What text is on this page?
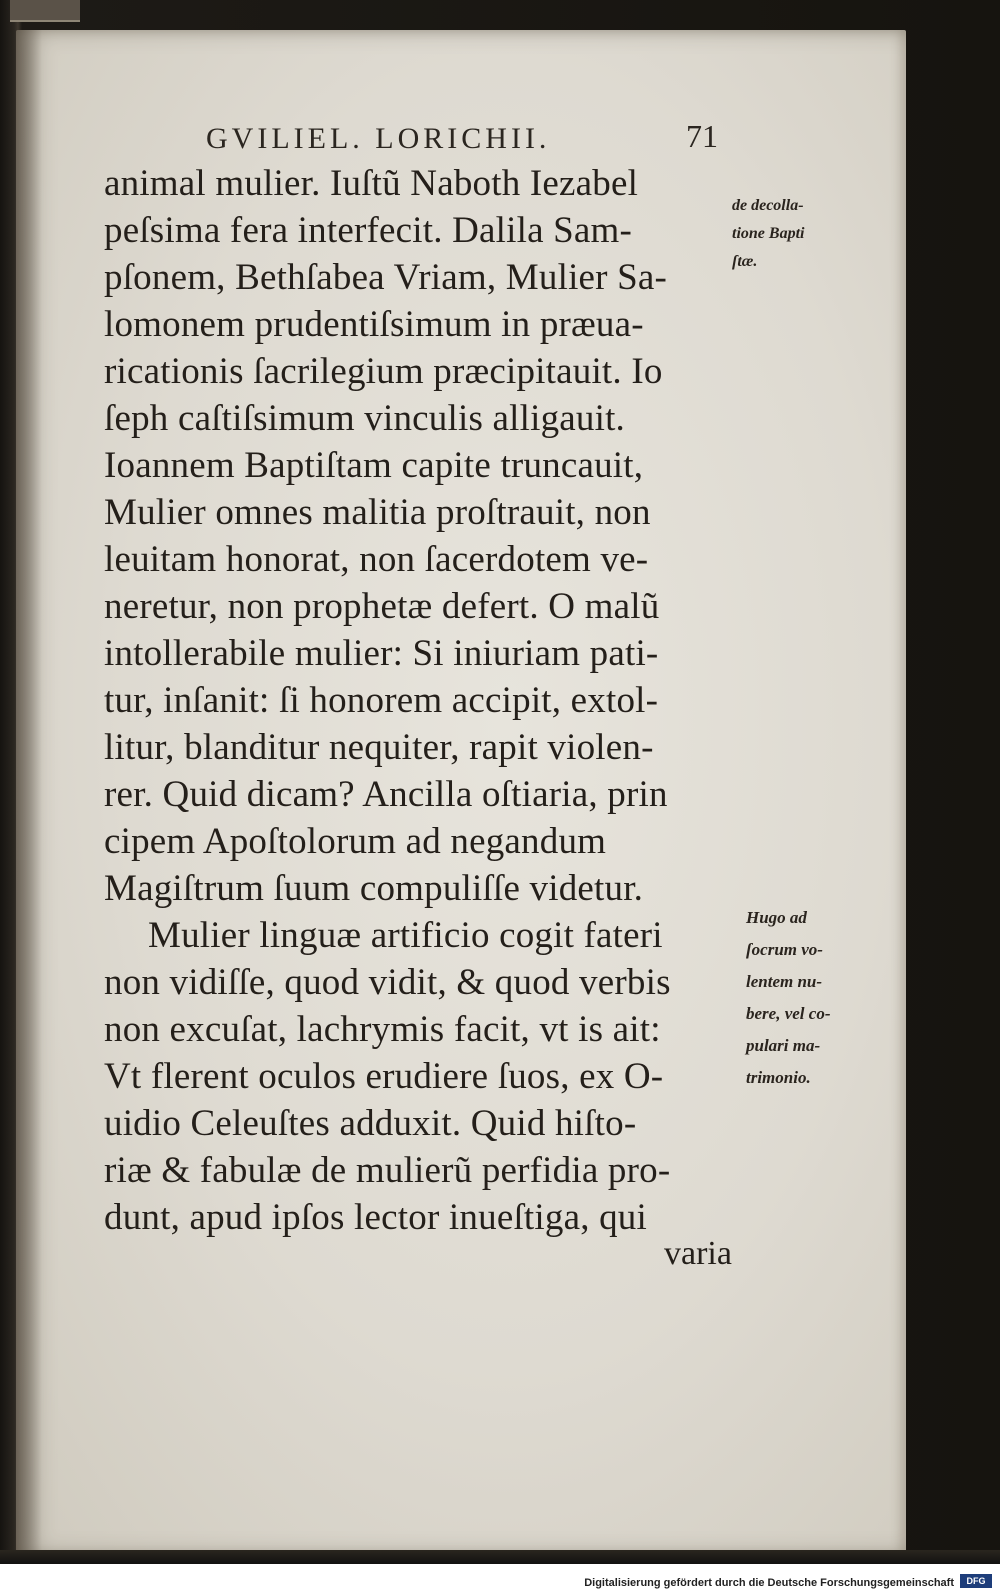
GVILIEL. LORICHII.	71
animal mulier. Iuſtũ Naboth Iezabel
peſsima fera interfecit. Dalila Sam-
pſonem, Bethſabea Vriam, Mulier Sa-
lomonem prudentiſsimum in præua-
ricationis ſacrilegium præcipitauit. Io
ſeph caſtiſsimum vinculis alligauit.
Ioannem Baptiſtam capite truncauit,
Mulier omnes malitia proſtrauit, non
leuitam honorat, non ſacerdotem ve-
neretur, non prophetæ defert. O malũ
intollerabile mulier: Si iniuriam pati-
tur, inſanit: ſi honorem accipit, extol-
litur, blanditur nequiter, rapit violen-
rer. Quid dicam? Ancilla oſtiaria, prin
cipem Apoſtolorum ad negandum
Magiſtrum ſuum compuliſſe videtur.
Mulier linguæ artificio cogit fateri
non vidiſſe, quod vidit, & quod verbis
non excuſat, lachrymis facit, vt is ait:
Vt flerent oculos erudiere ſuos, ex O-
uidio Celeuſtes adduxit. Quid hiſto-
riæ & fabulæ de mulierũ perfidia pro-
dunt, apud ipſos lector inueſtiga, qui
varia
de decolla-
tione Bapti
ſtæ.
Hugo ad
ſocrum vo-
lentem nu-
bere, vel co-
pulari ma-
trimonio.
Digitalisierung gefördert durch die Deutsche Forschungsgemeinschaft	DFG
